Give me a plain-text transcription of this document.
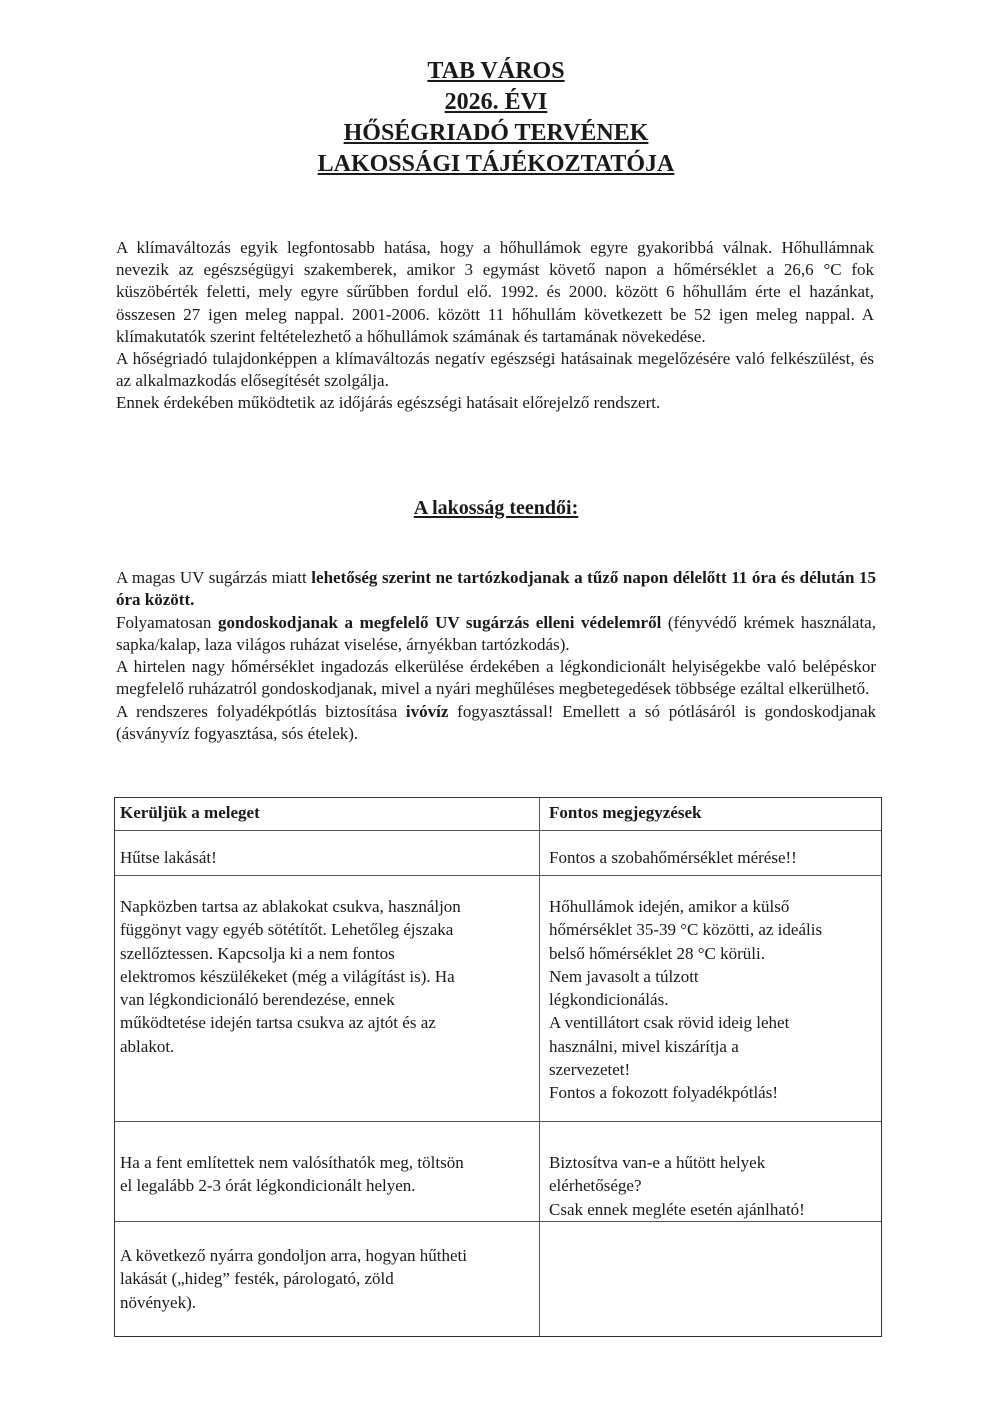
TAB VÁROS
2026. ÉVI
HŐSÉGRIADÓ TERVÉNEK
LAKOSSÁGI TÁJÉKOZTATÓJA

A klímaváltozás egyik legfontosabb hatása, hogy a hőhullámok egyre gyakoribbá válnak. Hőhullámnak nevezik az egészségügyi szakemberek, amikor 3 egymást követő napon a hőmérséklet a 26,6 °C fok küszöbérték feletti, mely egyre sűrűbben fordul elő. 1992. és 2000. között 6 hőhullám érte el hazánkat, összesen 27 igen meleg nappal. 2001-2006. között 11 hőhullám következett be 52 igen meleg nappal. A klímakutatók szerint feltételezhető a hőhullámok számának és tartamának növekedése.

A hőségriadó tulajdonképpen a klímaváltozás negatív egészségi hatásainak megelőzésére való felkészülést, és az alkalmazkodás elősegítését szolgálja.

Ennek érdekében működtetik az időjárás egészségi hatásait előrejelző rendszert.

A lakosság teendői:

A magas UV sugárzás miatt lehetőség szerint ne tartózkodjanak a tűző napon délelőtt 11 óra és délután 15 óra között.

Folyamatosan gondoskodjanak a megfelelő UV sugárzás elleni védelemről (fényvédő krémek használata, sapka/kalap, laza világos ruházat viselése, árnyékban tartózkodás).

A hirtelen nagy hőmérséklet ingadozás elkerülése érdekében a légkondicionált helyiségekbe való belépéskor megfelelő ruházatról gondoskodjanak, mivel a nyári meghűléses megbetegedések többsége ezáltal elkerülhető.

A rendszeres folyadékpótlás biztosítása ivóvíz fogyasztással! Emellett a só pótlásáról is gondoskodjanak (ásványvíz fogyasztása, sós ételek).

Kerüljük a meleget	Fontos megjegyzések
Hűtse lakását!	Fontos a szobahőmérséklet mérése!!
Napközben tartsa az ablakokat csukva, használjon
függönyt vagy egyéb sötétítőt. Lehetőleg éjszaka
szellőztessen. Kapcsolja ki a nem fontos
elektromos készülékeket (még a világítást is). Ha
van légkondicionáló berendezése, ennek
működtetése idején tartsa csukva az ajtót és az
ablakot.
Hőhullámok idején, amikor a külső
hőmérséklet 35-39 °C közötti, az ideális
belső hőmérséklet 28 °C körüli.
Nem javasolt a túlzott
légkondicionálás.
A ventillátort csak rövid ideig lehet
használni, mivel kiszárítja a
szervezetet!
Fontos a fokozott folyadékpótlás!
Ha a fent említettek nem valósíthatók meg, töltsön
el legalább 2-3 órát légkondicionált helyen.
Biztosítva van-e a hűtött helyek
elérhetősége?
Csak ennek megléte esetén ajánlható!
A következő nyárra gondoljon arra, hogyan hűtheti
lakását („hideg” festék, párologató, zöld
növények).
